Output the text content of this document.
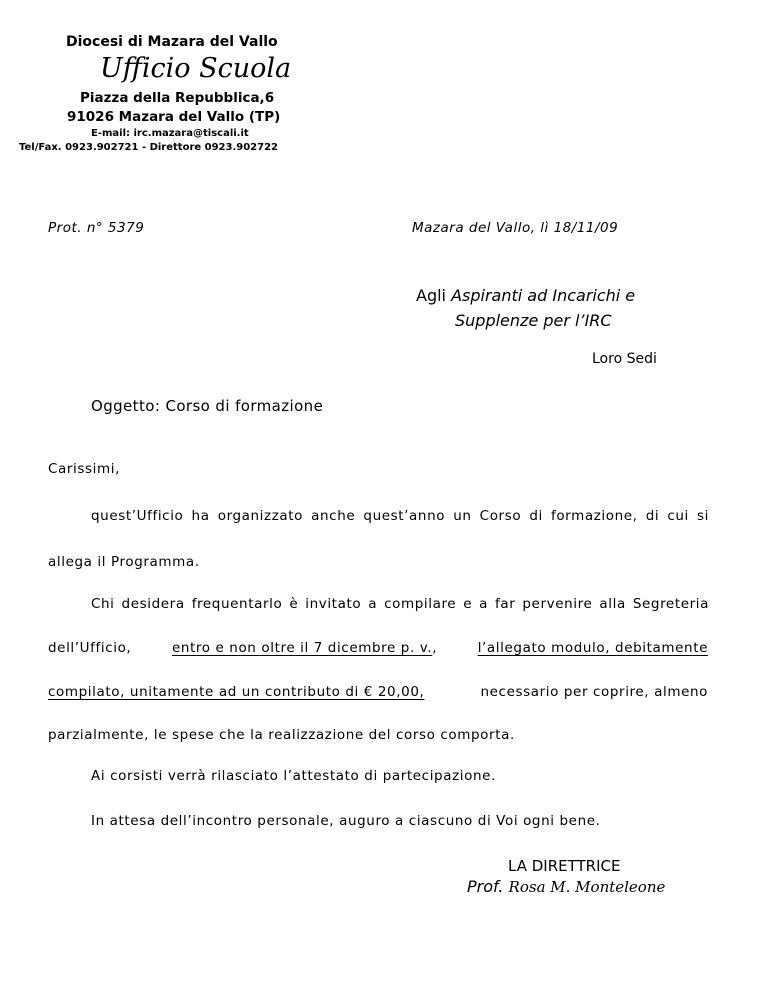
Diocesi di Mazara del Vallo
Ufficio Scuola
Piazza della Repubblica,6
91026 Mazara del Vallo (TP)
E-mail: irc.mazara@tiscali.it
Tel/Fax. 0923.902721 - Direttore 0923.902722
Prot. n° 5379	Mazara del Vallo, lì 18/11/09
Agli Aspiranti ad Incarichi e
Supplenze per l’IRC
Loro Sedi
Oggetto: Corso di formazione
Carissimi,
quest’Ufficio ha organizzato anche quest’anno un Corso di formazione, di cui si
allega il Programma.
Chi desidera frequentarlo è invitato a compilare e a far pervenire alla Segreteria
dell’Ufficio,	entro e non oltre il 7 dicembre p. v.,	l’allegato modulo, debitamente
compilato, unitamente ad un contributo di € 20,00,	necessario per coprire, almeno
parzialmente, le spese che la realizzazione del corso comporta.
Ai corsisti verrà rilasciato l’attestato di partecipazione.
In attesa dell’incontro personale, auguro a ciascuno di Voi ogni bene.
LA DIRETTRICE
Prof. Rosa M. Monteleone
